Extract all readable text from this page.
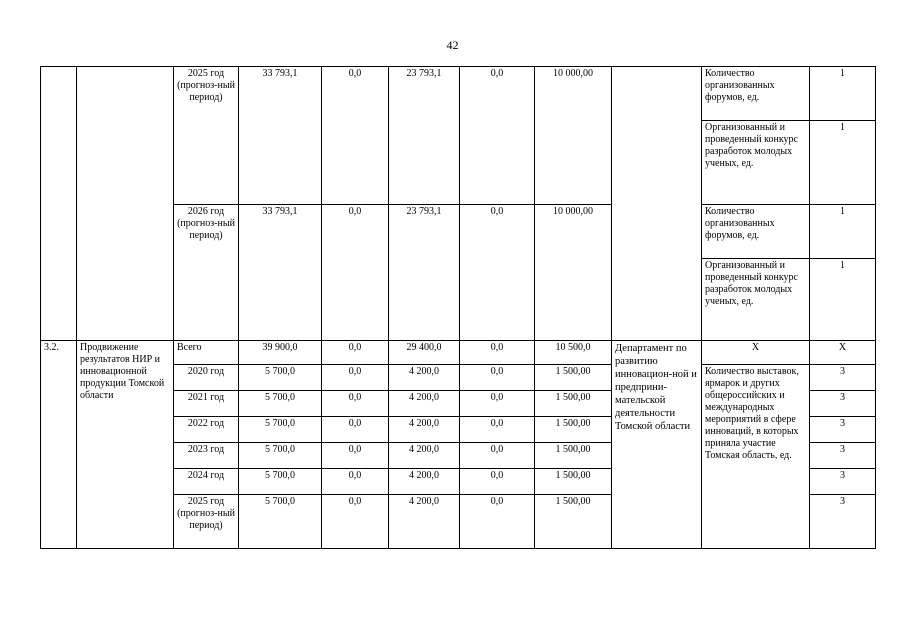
42
		2025 год (прогноз-ный период)	33 793,1	0,0	23 793,1	0,0	10 000,00		Количество организованных форумов, ед.	1
									Организованный и проведенный конкурс разработок молодых ученых, ед.	1
		2026 год (прогноз-ный период)	33 793,1	0,0	23 793,1	0,0	10 000,00		Количество организованных форумов, ед.	1
									Организованный и проведенный конкурс разработок молодых ученых, ед.	1
3.2.	Продвижение результатов НИР и инновационной продукции Томской области	Всего	39 900,0	0,0	29 400,0	0,0	10 500,0	Департамент по развитию инновацион-ной и предприни-мательской деятельности Томской области	Х	Х
		2020 год	5 700,0	0,0	4 200,0	0,0	1 500,00		Количество выставок, ярмарок и других общероссийских и международных мероприятий в сфере инноваций, в которых приняла участие Томская область, ед.	3
		2021 год	5 700,0	0,0	4 200,0	0,0	1 500,00			3
		2022 год	5 700,0	0,0	4 200,0	0,0	1 500,00			3
		2023 год	5 700,0	0,0	4 200,0	0,0	1 500,00			3
		2024 год	5 700,0	0,0	4 200,0	0,0	1 500,00			3
		2025 год (прогноз-ный период)	5 700,0	0,0	4 200,0	0,0	1 500,00			3
